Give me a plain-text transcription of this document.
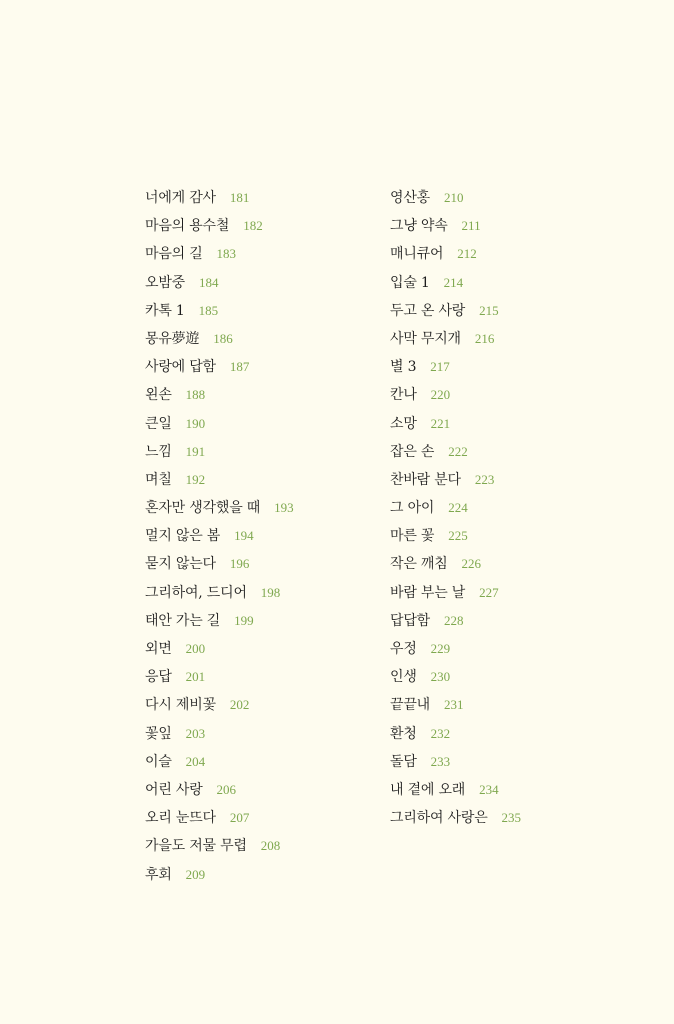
너에게 감사 181
마음의 용수철 182
마음의 길 183
오밤중 184
카톡 1 185
몽유夢遊 186
사랑에 답함 187
왼손 188
큰일 190
느낌 191
며칠 192
혼자만 생각했을 때 193
멀지 않은 봄 194
묻지 않는다 196
그리하여, 드디어 198
태안 가는 길 199
외면 200
응답 201
다시 제비꽃 202
꽃잎 203
이슬 204
어린 사랑 206
오리 눈뜨다 207
가을도 저물 무렵 208
후회 209
영산홍 210
그냥 약속 211
매니큐어 212
입술 1 214
두고 온 사랑 215
사막 무지개 216
별 3 217
칸나 220
소망 221
잡은 손 222
찬바람 분다 223
그 아이 224
마른 꽃 225
작은 깨침 226
바람 부는 날 227
답답함 228
우정 229
인생 230
끝끝내 231
환청 232
돌담 233
내 곁에 오래 234
그리하여 사랑은 235
